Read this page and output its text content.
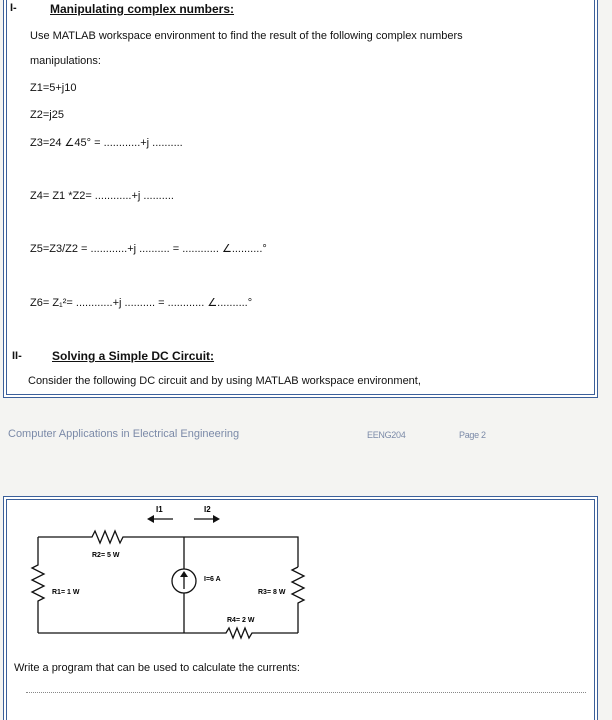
I-	Manipulating complex numbers:
Use MATLAB workspace environment to find the result of the following complex numbers
manipulations:
Z1=5+j10
Z2=j25
Z3=24 ∠45° = ............+j ..........
Z4= Z1 *Z2= ............+j ..........
Z5=Z3/Z2 = ............+j .......... = ............ ∠..........°
Z6= Z₁²= ............+j .......... = ............ ∠..........°
II-	Solving a Simple DC Circuit:
Consider the following DC circuit and by using MATLAB workspace environment,
Computer Applications in Electrical Engineering	EENG204	Page 2
I1	I2
R2= 5 W
R1= 1 W	R3= 8 W
R4= 2 W
I=6 A
Write a program that can be used to calculate the currents:
